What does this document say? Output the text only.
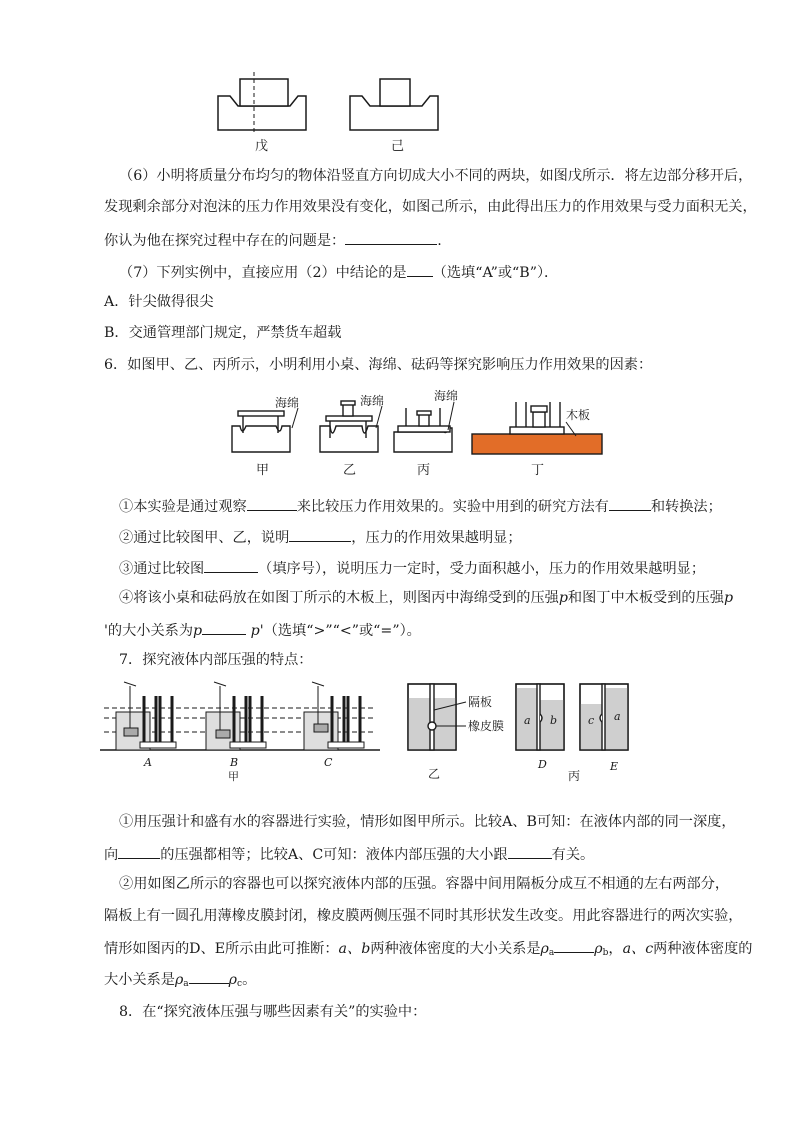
戊	己
（6）小明将质量分布均匀的物体沿竖直方向切成大小不同的两块，如图戊所示．将左边部分移开后，
发现剩余部分对泡沫的压力作用效果没有变化，如图己所示，由此得出压力的作用效果与受力面积无关，
你认为他在探究过程中存在的问题是：	.
（7）下列实例中，直接应用（2）中结论的是 （选填“A”或“B”）．
A．针尖做得很尖
B．交通管理部门规定，严禁货车超载
6．如图甲、乙、丙所示，小明利用小桌、海绵、砝码等探究影响压力作用效果的因素：
海绵	海绵	海绵
木板
甲	乙	丙	丁
①本实验是通过观察	来比较压力作用效果的。实验中用到的研究方法有	和转换法；
②通过比较图甲、乙，说明	，压力的作用效果越明显；
③通过比较图	（填序号），说明压力一定时，受力面积越小，压力的作用效果越明显；
④将该小桌和砝码放在如图丁所示的木板上，则图丙中海绵受到的压强p和图丁中木板受到的压强p
'的大小关系为p	p'（选填“>”“<”或“=”）。
7．探究液体内部压强的特点：
A	B	C
甲
隔板
橡皮膜 a b	c a
乙
D
丙
E
①用压强计和盛有水的容器进行实验，情形如图甲所示。比较A、B可知：在液体内部的同一深度，
向	的压强都相等；比较A、C可知：液体内部压强的大小跟	有关。
②用如图乙所示的容器也可以探究液体内部的压强。容器中间用隔板分成互不相通的左右两部分，
隔板上有一圆孔用薄橡皮膜封闭，橡皮膜两侧压强不同时其形状发生改变。用此容器进行的两次实验，
情形如图丙的D、E所示由此可推断：a、b两种液体密度的大小关系是$\rho_a$	$\rho_b$，a、c两种液体密度的
大小关系是$\rho_a$	$\rho_c$。
8．在“探究液体压强与哪些因素有关”的实验中：
